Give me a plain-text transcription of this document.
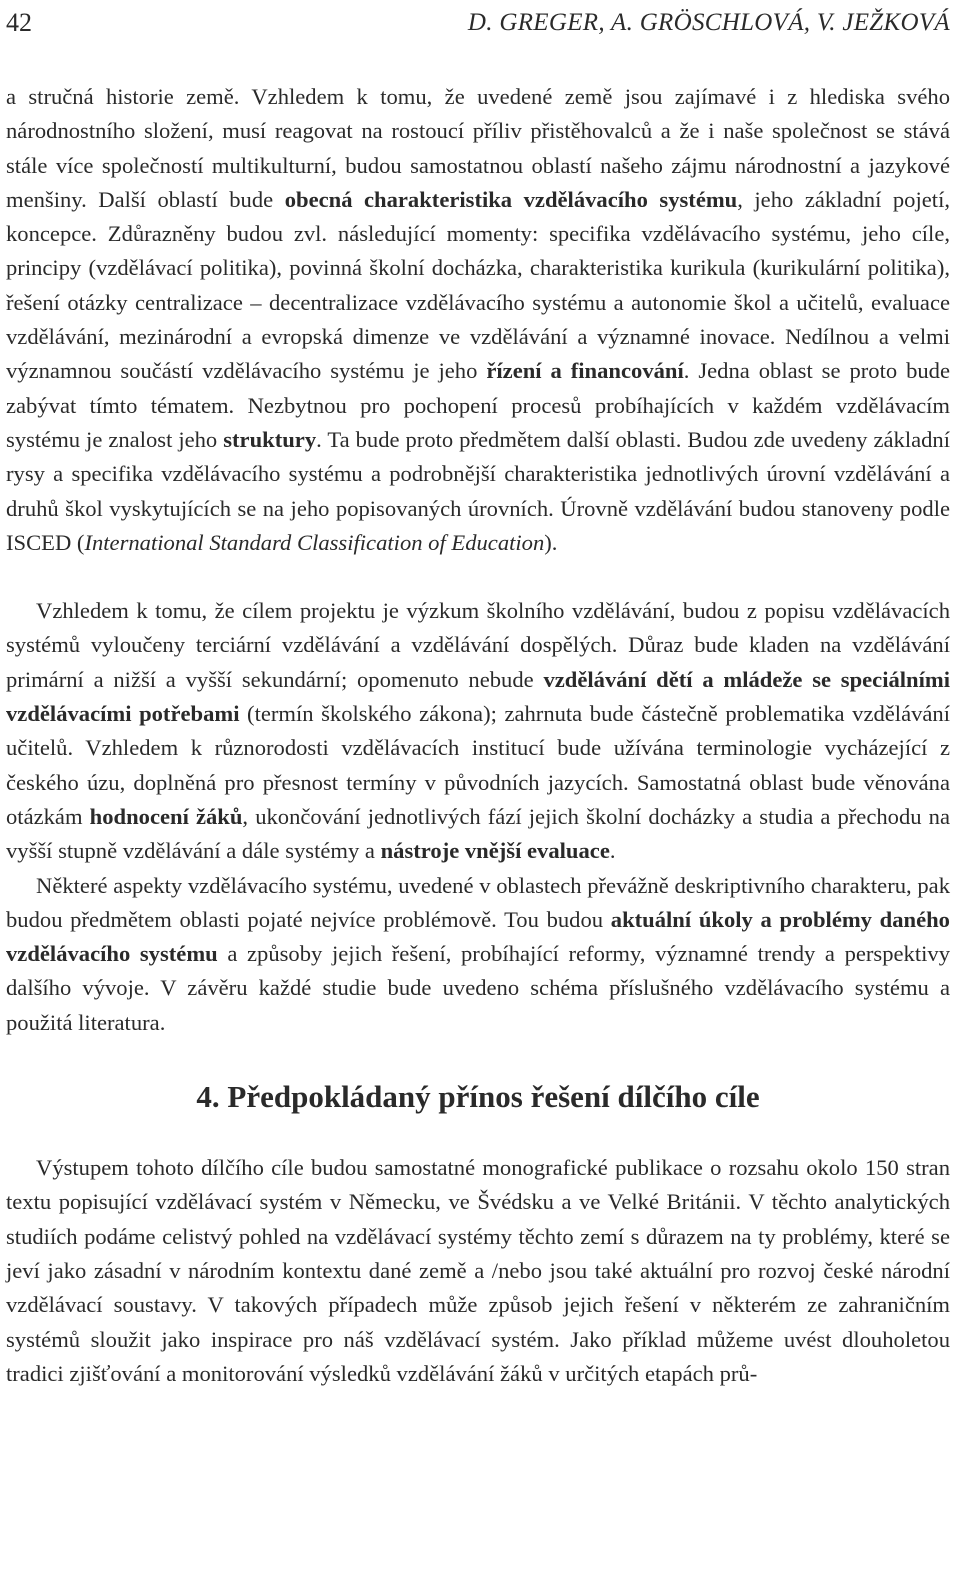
42	D. GREGER, A. GRÖSCHLOVÁ, V. JEŽKOVÁ

a stručná historie země. Vzhledem k tomu, že uvedené země jsou zajímavé i z hlediska svého národnostního složení, musí reagovat na rostoucí příliv přistěhovalců a že i naše společnost se stává stále více společností multikulturní, budou samostatnou oblastí našeho zájmu národnostní a jazykové menšiny. Další oblastí bude obecná charakteristika vzdělávacího systému, jeho základní pojetí, koncepce. Zdůrazněny budou zvl. následující momenty: specifika vzdělávacího systému, jeho cíle, principy (vzdělávací politika), povinná školní docházka, charakteristika kurikula (kurikulární politika), řešení otázky centralizace – decentralizace vzdělávacího systému a autonomie škol a učitelů, evaluace vzdělávání, mezinárodní a evropská dimenze ve vzdělávání a významné inovace. Nedílnou a velmi významnou součástí vzdělávacího systému je jeho řízení a financování. Jedna oblast se proto bude zabývat tímto tématem. Nezbytnou pro pochopení procesů probíhajících v každém vzdělávacím systému je znalost jeho struktury. Ta bude proto předmětem další oblasti. Budou zde uvedeny základní rysy a specifika vzdělávacího systému a podrobnější charakteristika jednotlivých úrovní vzdělávání a druhů škol vyskytujících se na jeho popisovaných úrovních. Úrovně vzdělávání budou stanoveny podle ISCED (International Standard Classification of Education).

Vzhledem k tomu, že cílem projektu je výzkum školního vzdělávání, budou z popisu vzdělávacích systémů vyloučeny terciární vzdělávání a vzdělávání dospělých. Důraz bude kladen na vzdělávání primární a nižší a vyšší sekundární; opomenuto nebude vzdělávání dětí a mládeže se speciálními vzdělávacími potřebami (termín školského zákona); zahrnuta bude částečně problematika vzdělávání učitelů. Vzhledem k různorodosti vzdělávacích institucí bude užívána terminologie vycházející z českého úzu, doplněná pro přesnost termíny v původních jazycích. Samostatná oblast bude věnována otázkám hodnocení žáků, ukončování jednotlivých fází jejich školní docházky a studia a přechodu na vyšší stupně vzdělávání a dále systémy a nástroje vnější evaluace.

Některé aspekty vzdělávacího systému, uvedené v oblastech převážně deskriptivního charakteru, pak budou předmětem oblasti pojaté nejvíce problémově. Tou budou aktuální úkoly a problémy daného vzdělávacího systému a způsoby jejich řešení, probíhající reformy, významné trendy a perspektivy dalšího vývoje. V závěru každé studie bude uvedeno schéma příslušného vzdělávacího systému a použitá literatura.

4. Předpokládaný přínos řešení dílčího cíle

Výstupem tohoto dílčího cíle budou samostatné monografické publikace o rozsahu okolo 150 stran textu popisující vzdělávací systém v Německu, ve Švédsku a ve Velké Británii. V těchto analytických studiích podáme celistvý pohled na vzdělávací systémy těchto zemí s důrazem na ty problémy, které se jeví jako zásadní v národním kontextu dané země a /nebo jsou také aktuální pro rozvoj české národní vzdělávací soustavy. V takových případech může způsob jejich řešení v některém ze zahraničním systémů sloužit jako inspirace pro náš vzdělávací systém. Jako příklad můžeme uvést dlouholetou tradici zjišťování a monitorování výsledků vzdělávání žáků v určitých etapách prů-
